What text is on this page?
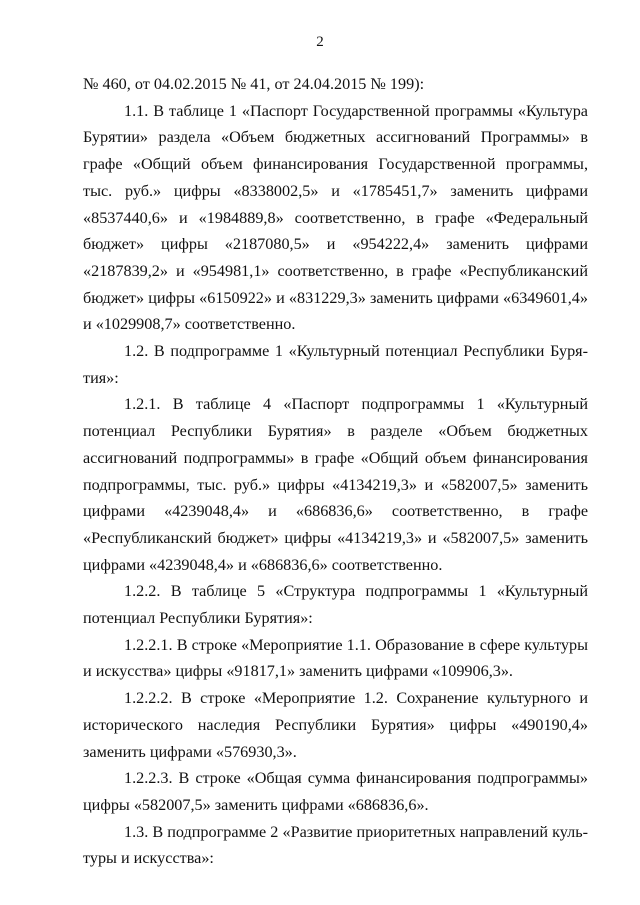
2

№ 460, от 04.02.2015 № 41, от 24.04.2015 № 199):

1.1. В таблице 1 «Паспорт Государственной программы «Культура Бурятии» раздела «Объем бюджетных ассигнований Программы» в графе «Общий объем финансирования Государственной программы, тыс. руб.» цифры «8338002,5» и «1785451,7» заменить цифрами «8537440,6» и «1984889,8» соответственно, в графе «Федеральный бюджет» цифры «2187080,5» и «954222,4» заменить цифрами «2187839,2» и «954981,1» соответственно, в графе «Республиканский бюджет» цифры «6150922» и «831229,3» заменить цифрами «6349601,4» и «1029908,7» соответственно.

1.2. В подпрограмме 1 «Культурный потенциал Республики Бурятия»:

1.2.1. В таблице 4 «Паспорт подпрограммы 1 «Культурный потенциал Республики Бурятия» в разделе «Объем бюджетных ассигнований подпрограммы» в графе «Общий объем финансирования подпрограммы, тыс. руб.» цифры «4134219,3» и «582007,5» заменить цифрами «4239048,4» и «686836,6» соответственно, в графе «Республиканский бюджет» цифры «4134219,3» и «582007,5» заменить цифрами «4239048,4» и «686836,6» соответственно.

1.2.2. В таблице 5 «Структура подпрограммы 1 «Культурный потенциал Республики Бурятия»:

1.2.2.1. В строке «Мероприятие 1.1. Образование в сфере культуры и искусства» цифры «91817,1» заменить цифрами «109906,3».

1.2.2.2. В строке «Мероприятие 1.2. Сохранение культурного и исторического наследия Республики Бурятия» цифры «490190,4» заменить цифрами «576930,3».

1.2.2.3. В строке «Общая сумма финансирования подпрограммы» цифры «582007,5» заменить цифрами «686836,6».

1.3. В подпрограмме 2 «Развитие приоритетных направлений культуры и искусства»:
